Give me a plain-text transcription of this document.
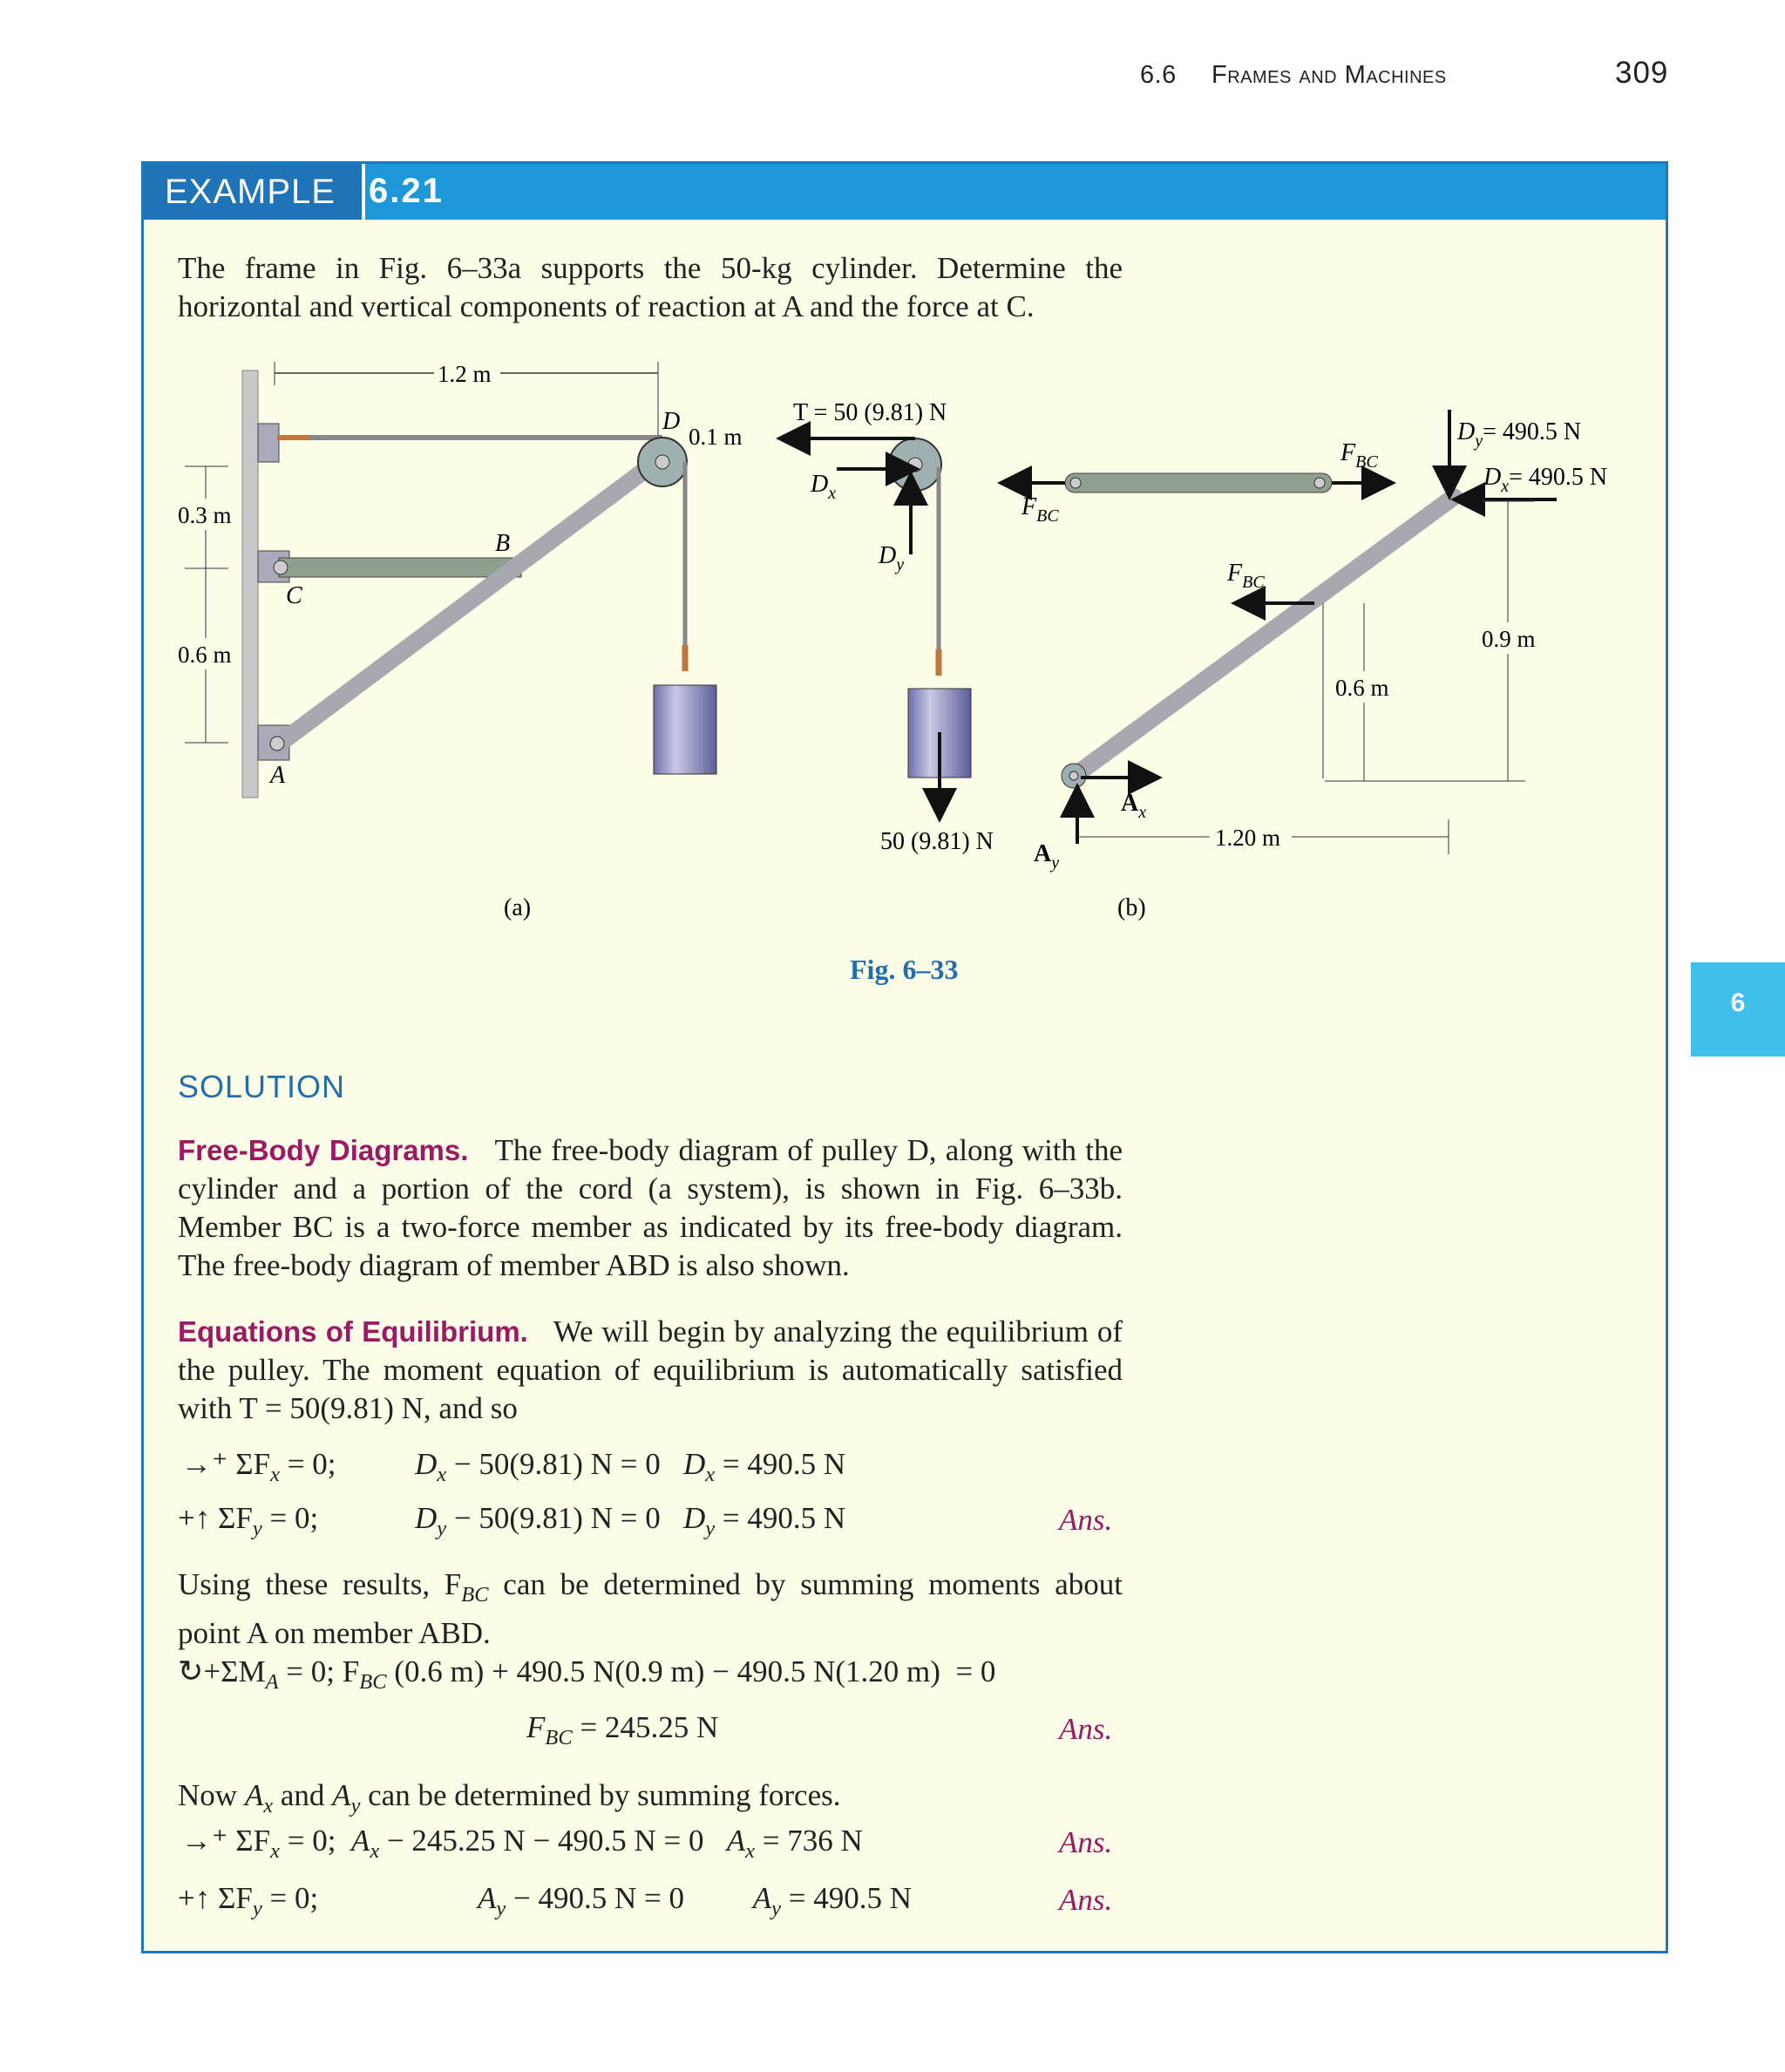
6.6 Frames and Machines	309
6
EXAMPLE 6.21
The frame in Fig. 6–33a supports the 50-kg cylinder. Determine the horizontal and vertical components of reaction at A and the force at C.
1.2 m
0.1 m
D
B
C
A
0.3 m
0.6 m
(a)
T = 50 (9.81) N
$D_x$
$D_y$
50 (9.81) N
$F_{BC}$
$F_{BC}$
$D_y= 490.5$ N
$D_x= 490.5$ N
$F_{BC}$
$A_x$
$A_y$
0.6 m
0.9 m
1.20 m
(b)
Fig. 6–33
SOLUTION
Free-Body Diagrams. The free-body diagram of pulley D, along with the cylinder and a portion of the cord (a system), is shown in Fig. 6–33b. Member BC is a two-force member as indicated by its free-body diagram. The free-body diagram of member ABD is also shown.
Equations of Equilibrium. We will begin by analyzing the equilibrium of the pulley. The moment equation of equilibrium is automatically satisfied with T = 50(9.81) N, and so
→⁺ $\Sigma F_x = 0$;	$D_x - 50(9.81) N = 0$ $D_x = 490.5$ N
+↑ $\Sigma F_y = 0$;	$D_y - 50(9.81) N = 0$ $D_y = 490.5$ N	Ans.
Using these results, $F_{BC}$ can be determined by summing moments about point A on member ABD.
$↻+\Sigma M_A = 0$; $F_{BC}$ (0.6 m) + 490.5 N(0.9 m) − 490.5 N(1.20 m) = 0
$F_{BC} = 245.25$ N	Ans.
Now $A_x$ and $A_y$ can be determined by summing forces.
→⁺ $\Sigma F_x = 0$; $A_x - 245.25$ N − 490.5 N = 0 $A_x = 736$ N	Ans.
+↑ $\Sigma F_y = 0$;	$A_y - 490.5$ N = 0 $A_y = 490.5$ N	Ans.
